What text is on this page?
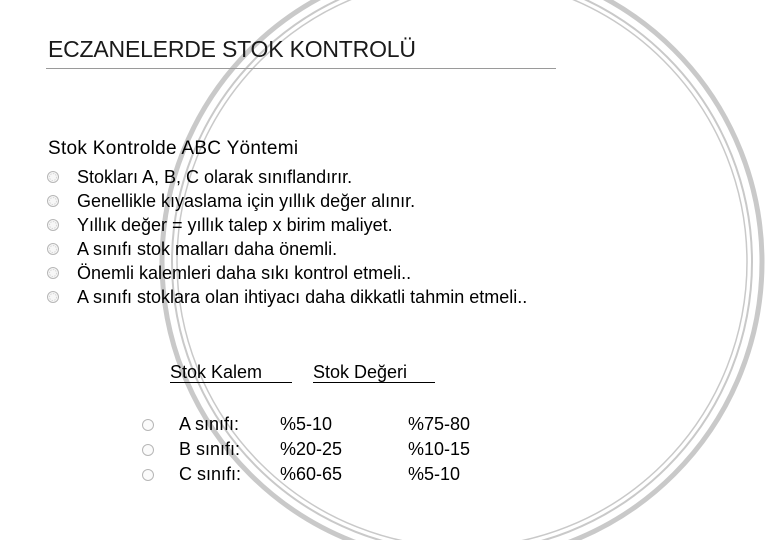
ECZANELERDE STOK KONTROLÜ
Stok Kontrolde ABC Yöntemi
Stokları A, B, C olarak sınıflandırır.
Genellikle kıyaslama için yıllık değer alınır.
Yıllık değer = yıllık talep x birim maliyet.
A sınıfı stok malları daha önemli.
Önemli kalemleri daha sıkı kontrol etmeli..
A sınıfı stoklara olan ihtiyacı daha dikkatli tahmin etmeli..
Stok Kalem	Stok Değeri
A sınıfı: %5-10	%75-80
B sınıfı: %20-25	%10-15
C sınıfı: %60-65	%5-10
